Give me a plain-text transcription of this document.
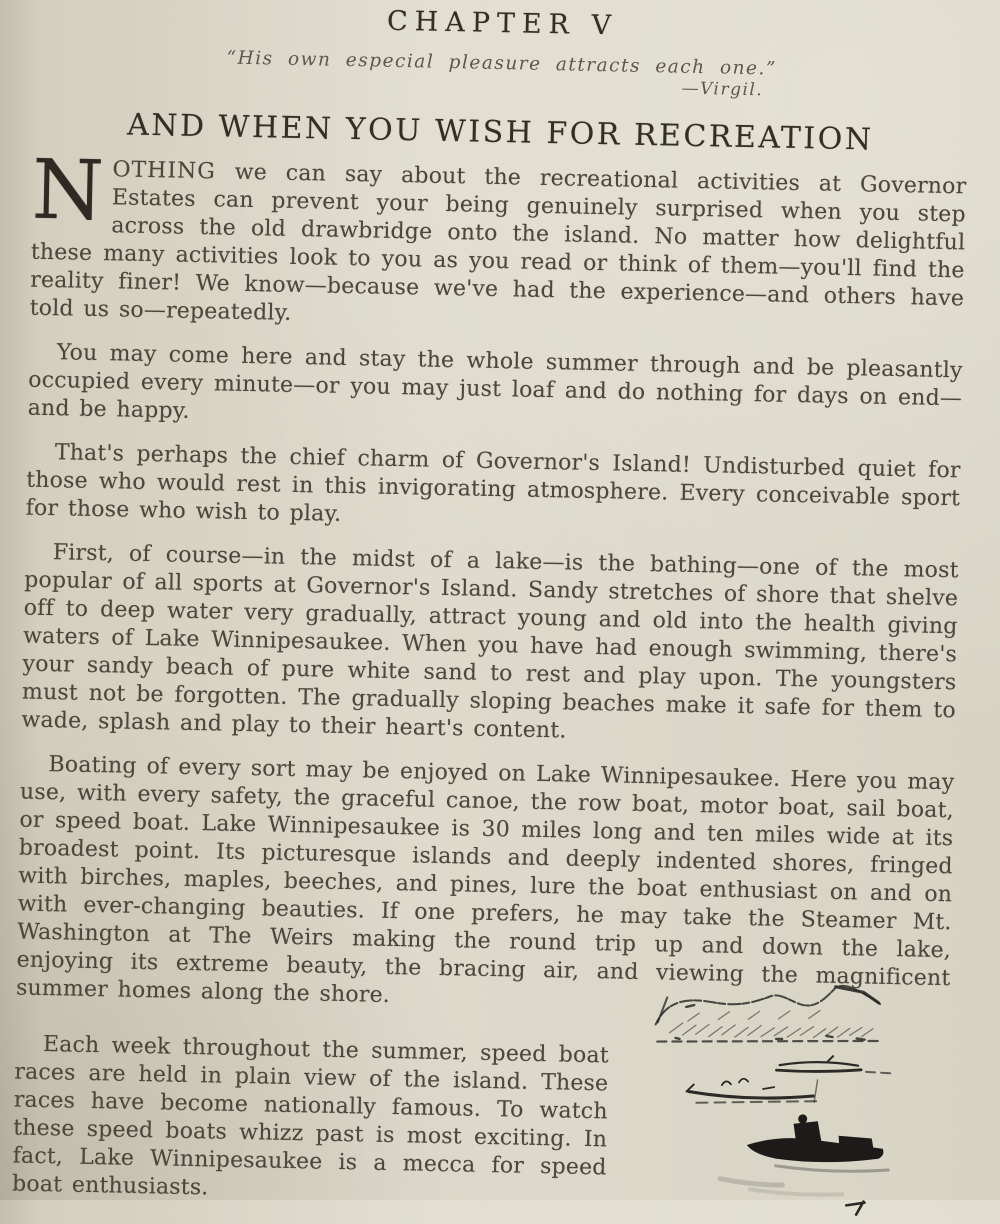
CHAPTER V
“His own especial pleasure attracts each one.”
—Virgil.
AND WHEN YOU WISH FOR RECREATION

NOTHING we can say about the recreational activities at Governor Estates can prevent your being genuinely surprised when you step across the old drawbridge onto the island. No matter how delightful these many activities look to you as you read or think of them—you'll find the reality finer! We know—because we've had the experience—and others have told us so—repeatedly.

You may come here and stay the whole summer through and be pleasantly occupied every minute—or you may just loaf and do nothing for days on end—and be happy.

That's perhaps the chief charm of Governor's Island! Undisturbed quiet for those who would rest in this invigorating atmosphere. Every conceivable sport for those who wish to play.

First, of course—in the midst of a lake—is the bathing—one of the most popular of all sports at Governor's Island. Sandy stretches of shore that shelve off to deep water very gradually, attract young and old into the health giving waters of Lake Winnipesaukee. When you have had enough swimming, there's your sandy beach of pure white sand to rest and play upon. The youngsters must not be forgotten. The gradually sloping beaches make it safe for them to wade, splash and play to their heart's content.

Boating of every sort may be enjoyed on Lake Winnipesaukee. Here you may use, with every safety, the graceful canoe, the row boat, motor boat, sail boat, or speed boat. Lake Winnipesaukee is 30 miles long and ten miles wide at its broadest point. Its picturesque islands and deeply indented shores, fringed with birches, maples, beeches, and pines, lure the boat enthusiast on and on with ever-changing beauties. If one prefers, he may take the Steamer Mt. Washington at The Weirs making the round trip up and down the lake, enjoying its extreme beauty, the bracing air, and viewing the magnificent summer homes along the shore.

Each week throughout the summer, speed boat races are held in plain view of the island. These races have become nationally famous. To watch these speed boats whizz past is most exciting. In fact, Lake Winnipesaukee is a mecca for speed boat enthusiasts.
